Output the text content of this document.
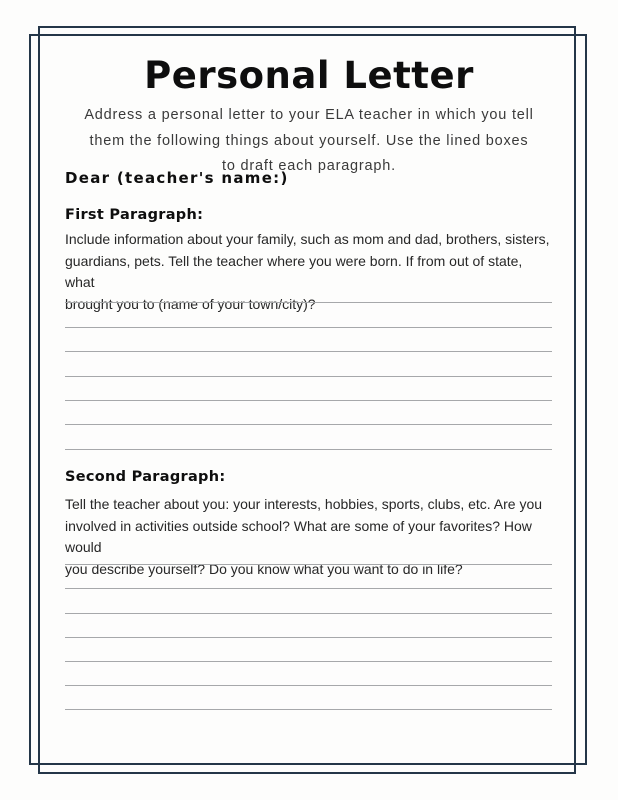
Personal Letter
Address a personal letter to your ELA teacher in which you tell
them the following things about yourself. Use the lined boxes
to draft each paragraph.
Dear (teacher's name:)
First Paragraph:
Include information about your family, such as mom and dad, brothers, sisters,
guardians, pets. Tell the teacher where you were born. If from out of state, what
brought you to (name of your town/city)?
Second Paragraph:
Tell the teacher about you: your interests, hobbies, sports, clubs, etc. Are you
involved in activities outside school? What are some of your favorites? How would
you describe yourself? Do you know what you want to do in life?
